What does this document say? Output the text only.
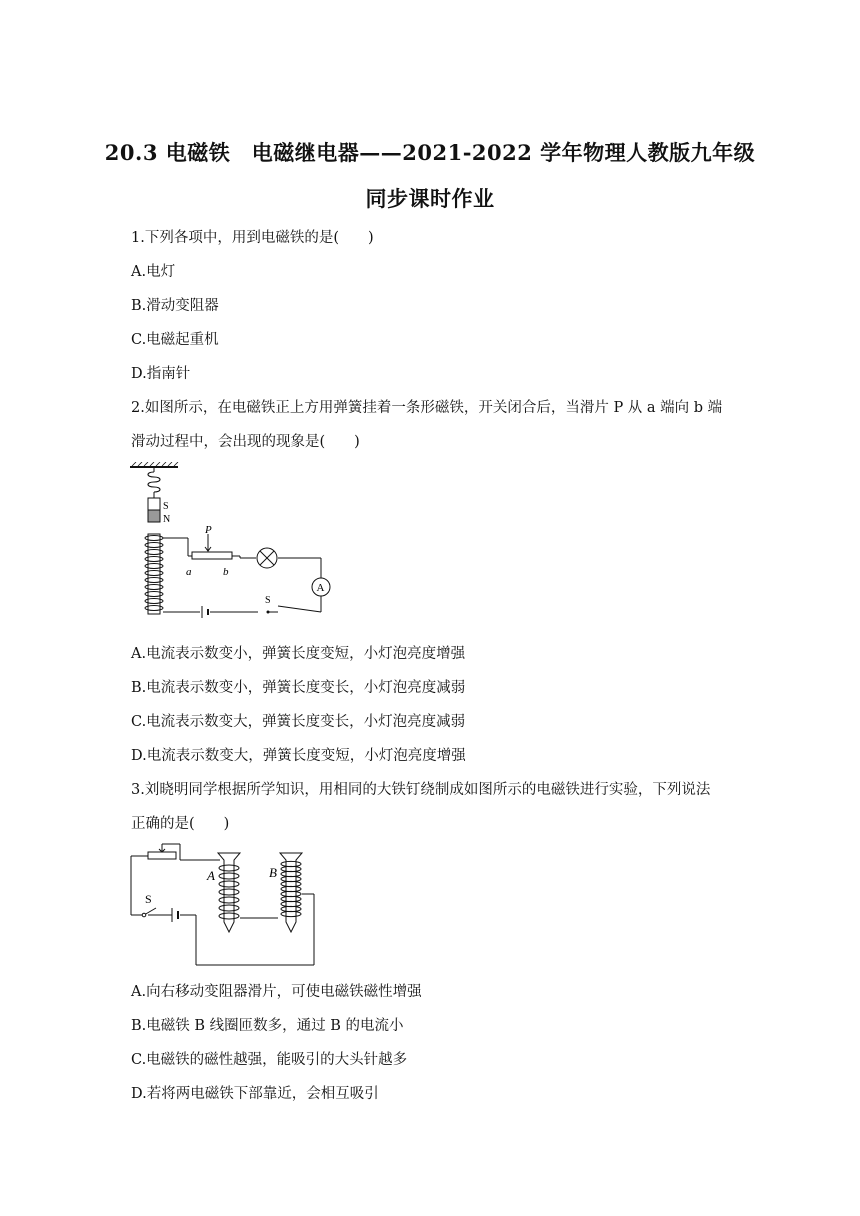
20.3 电磁铁　电磁继电器——2021-2022 学年物理人教版九年级
同步课时作业
1.下列各项中，用到电磁铁的是(　　)
A.电灯
B.滑动变阻器
C.电磁起重机
D.指南针
2.如图所示，在电磁铁正上方用弹簧挂着一条形磁铁，开关闭合后，当滑片 P 从 a 端向 b 端
滑动过程中，会出现的现象是(　　)
S
N
P
a	b
A
S
A.电流表示数变小，弹簧长度变短，小灯泡亮度增强
B.电流表示数变小，弹簧长度变长，小灯泡亮度减弱
C.电流表示数变大，弹簧长度变长，小灯泡亮度减弱
D.电流表示数变大，弹簧长度变短，小灯泡亮度增强
3.刘晓明同学根据所学知识，用相同的大铁钉绕制成如图所示的电磁铁进行实验，下列说法
正确的是(　　)
S
A	B
A.向右移动变阻器滑片，可使电磁铁磁性增强
B.电磁铁 B 线圈匝数多，通过 B 的电流小
C.电磁铁的磁性越强，能吸引的大头针越多
D.若将两电磁铁下部靠近，会相互吸引
